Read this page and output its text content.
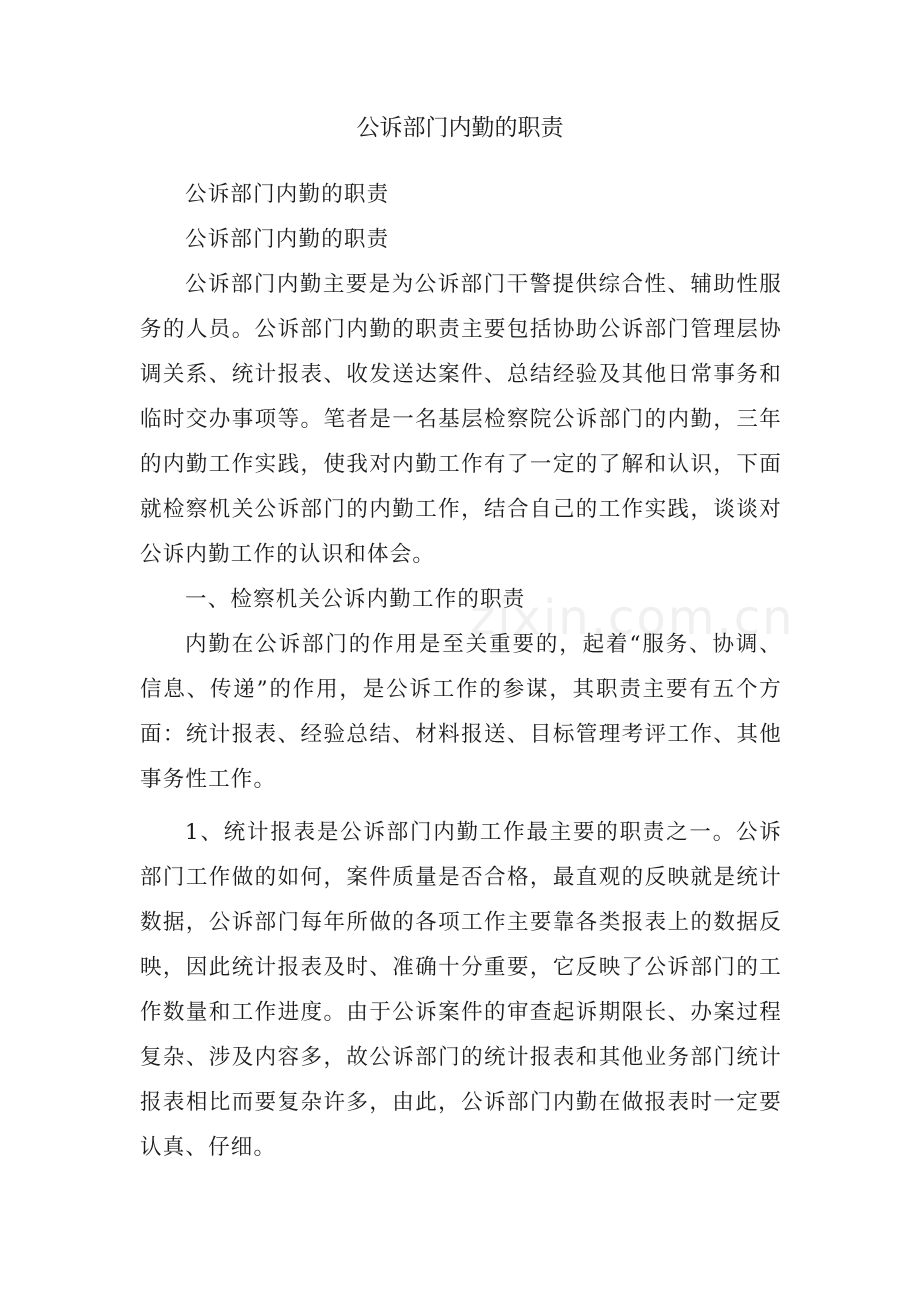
公诉部门内勤的职责
zixin.com.cn

公诉部门内勤的职责

公诉部门内勤的职责

公诉部门内勤主要是为公诉部门干警提供综合性、辅助性服务的人员。公诉部门内勤的职责主要包括协助公诉部门管理层协调关系、统计报表、收发送达案件、总结经验及其他日常事务和临时交办事项等。笔者是一名基层检察院公诉部门的内勤，三年的内勤工作实践，使我对内勤工作有了一定的了解和认识，下面就检察机关公诉部门的内勤工作，结合自己的工作实践，谈谈对公诉内勤工作的认识和体会。

一、检察机关公诉内勤工作的职责

内勤在公诉部门的作用是至关重要的，起着“服务、协调、信息、传递”的作用，是公诉工作的参谋，其职责主要有五个方面：统计报表、经验总结、材料报送、目标管理考评工作、其他事务性工作。

1、统计报表是公诉部门内勤工作最主要的职责之一。公诉部门工作做的如何，案件质量是否合格，最直观的反映就是统计数据，公诉部门每年所做的各项工作主要靠各类报表上的数据反映，因此统计报表及时、准确十分重要，它反映了公诉部门的工作数量和工作进度。由于公诉案件的审查起诉期限长、办案过程复杂、涉及内容多，故公诉部门的统计报表和其他业务部门统计报表相比而要复杂许多，由此，公诉部门内勤在做报表时一定要认真、仔细。
